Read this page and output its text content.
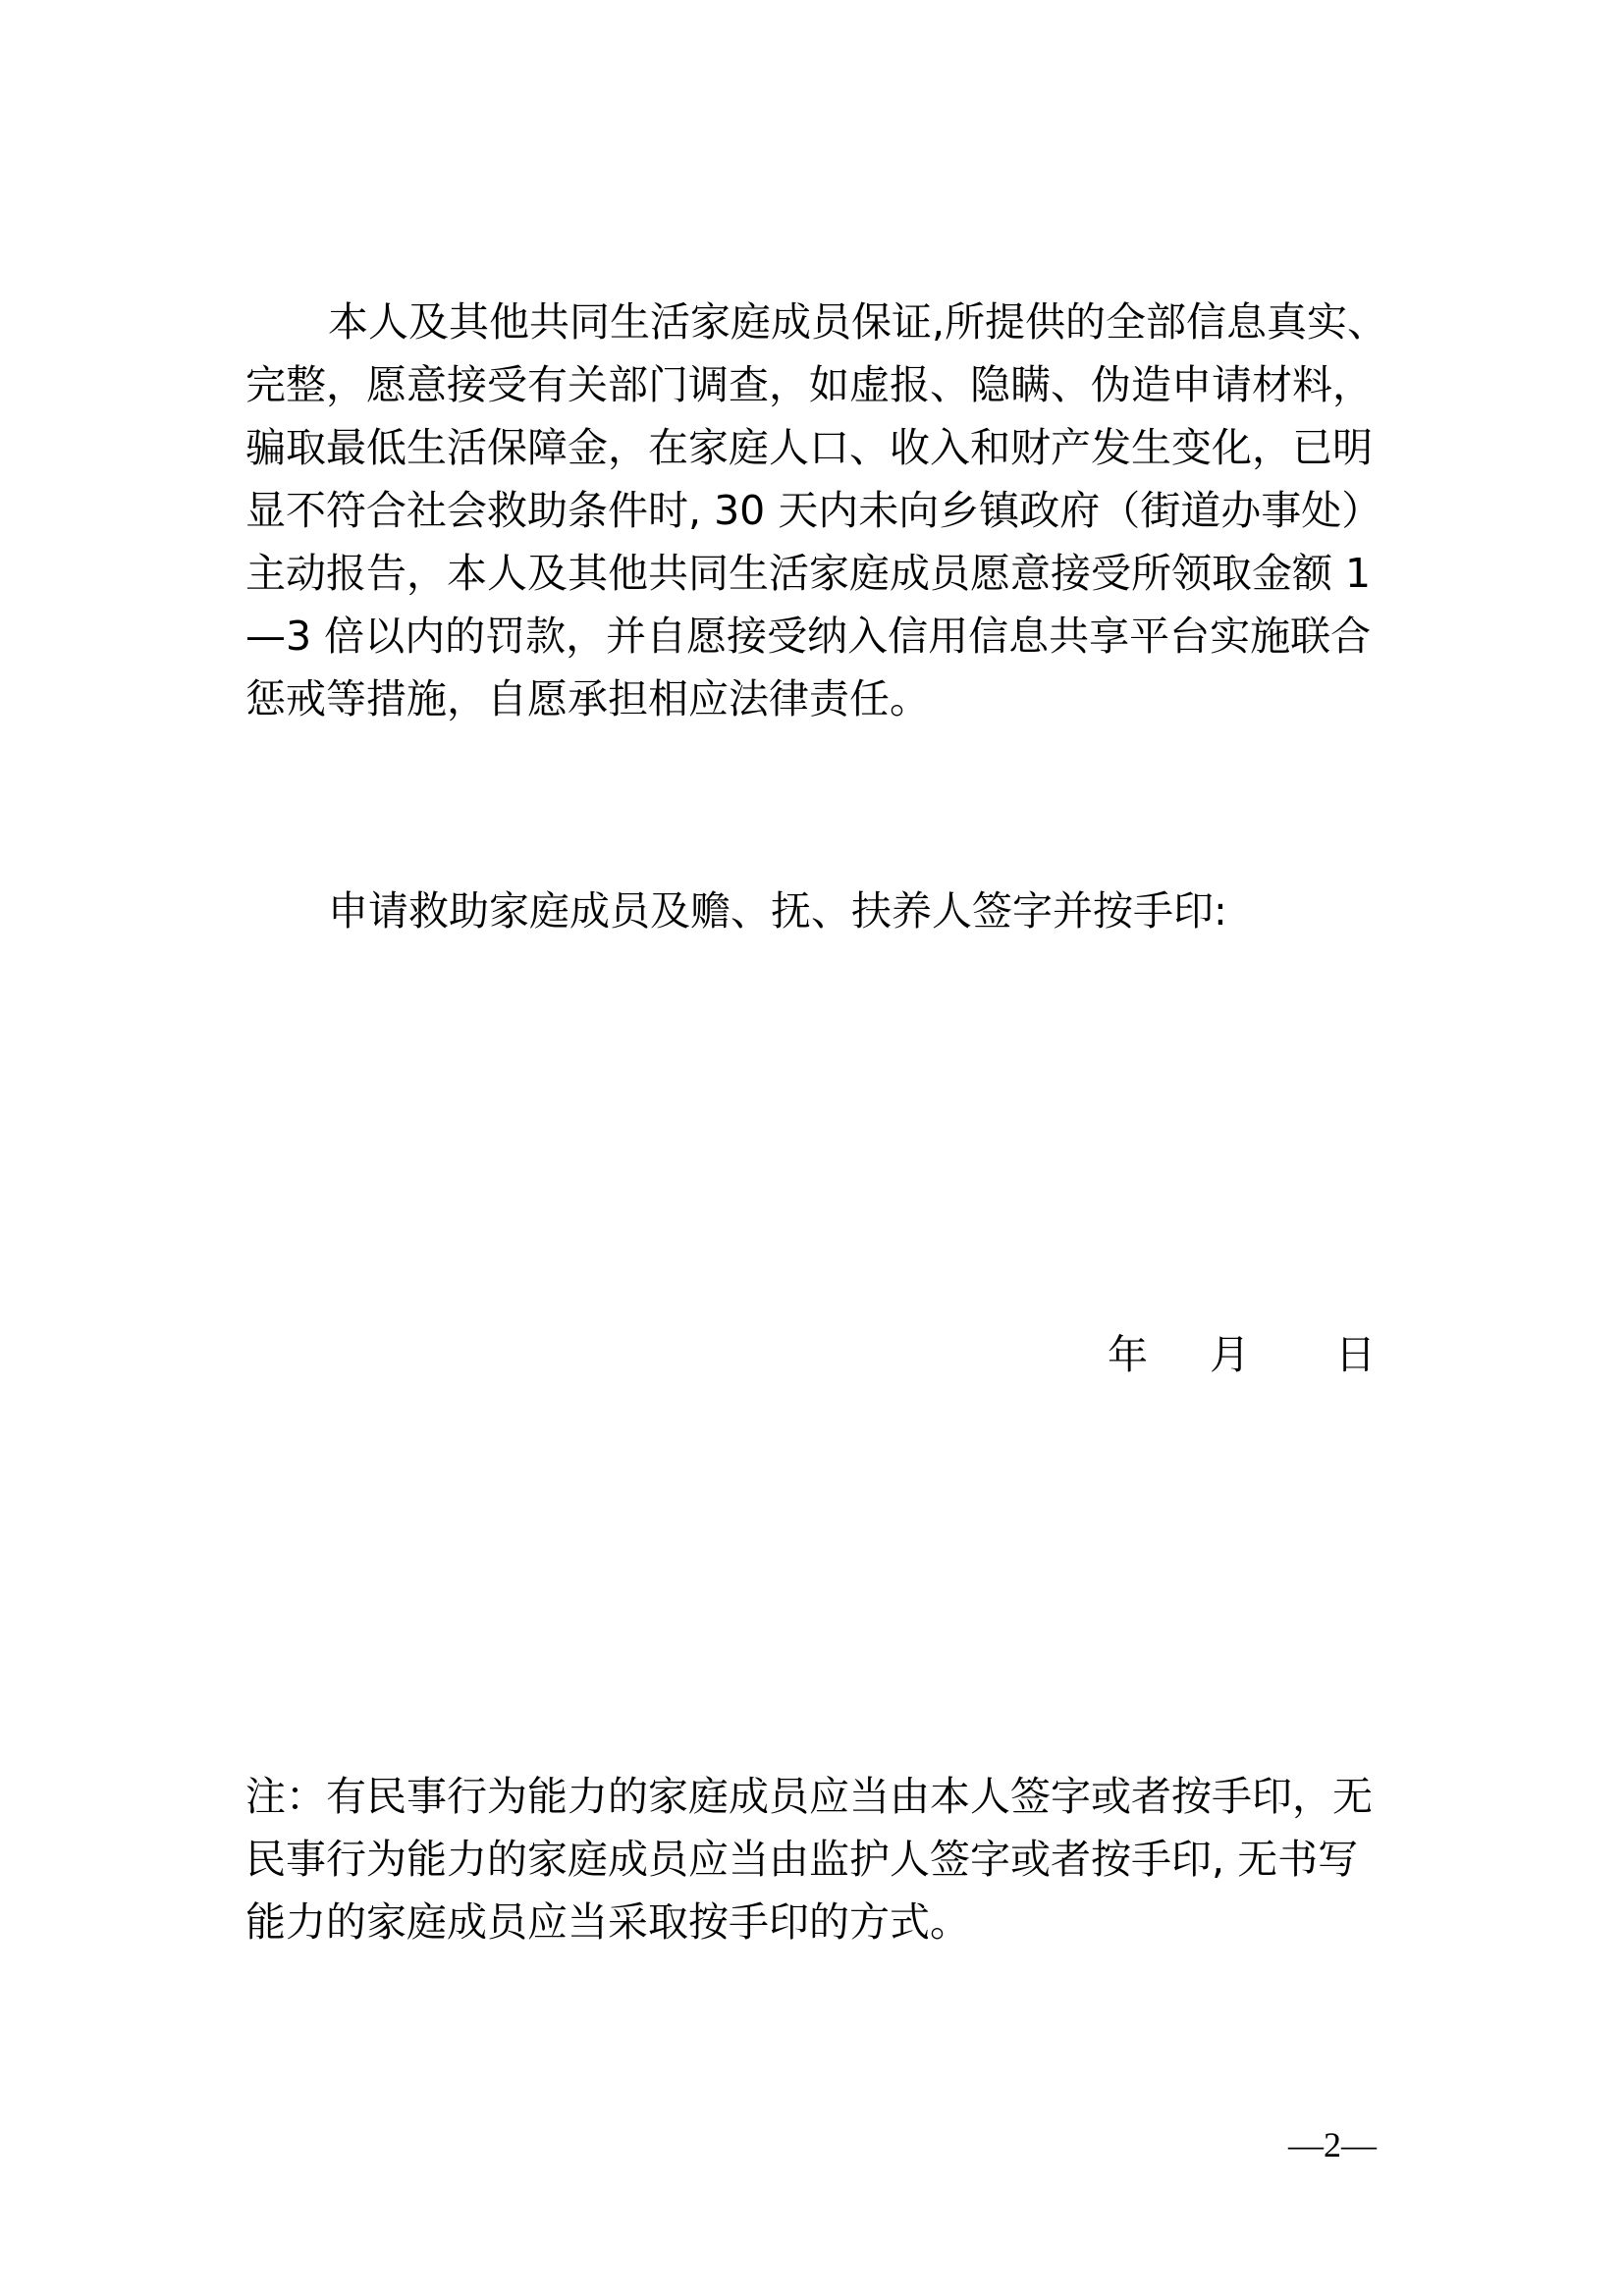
本人及其他共同生活家庭成员保证,所提供的全部信息真实、
完整，愿意接受有关部门调查，如虚报、隐瞒、伪造申请材料，
骗取最低生活保障金，在家庭人口、收入和财产发生变化，已明
显不符合社会救助条件时, 30 天内未向乡镇政府（街道办事处）
主动报告，本人及其他共同生活家庭成员愿意接受所领取金额 1
—3 倍以内的罚款，并自愿接受纳入信用信息共享平台实施联合
惩戒等措施，自愿承担相应法律责任。
申请救助家庭成员及赡、抚、扶养人签字并按手印:
年 月 日
注：有民事行为能力的家庭成员应当由本人签字或者按手印，无
民事行为能力的家庭成员应当由监护人签字或者按手印, 无书写
能力的家庭成员应当采取按手印的方式。
—2—
